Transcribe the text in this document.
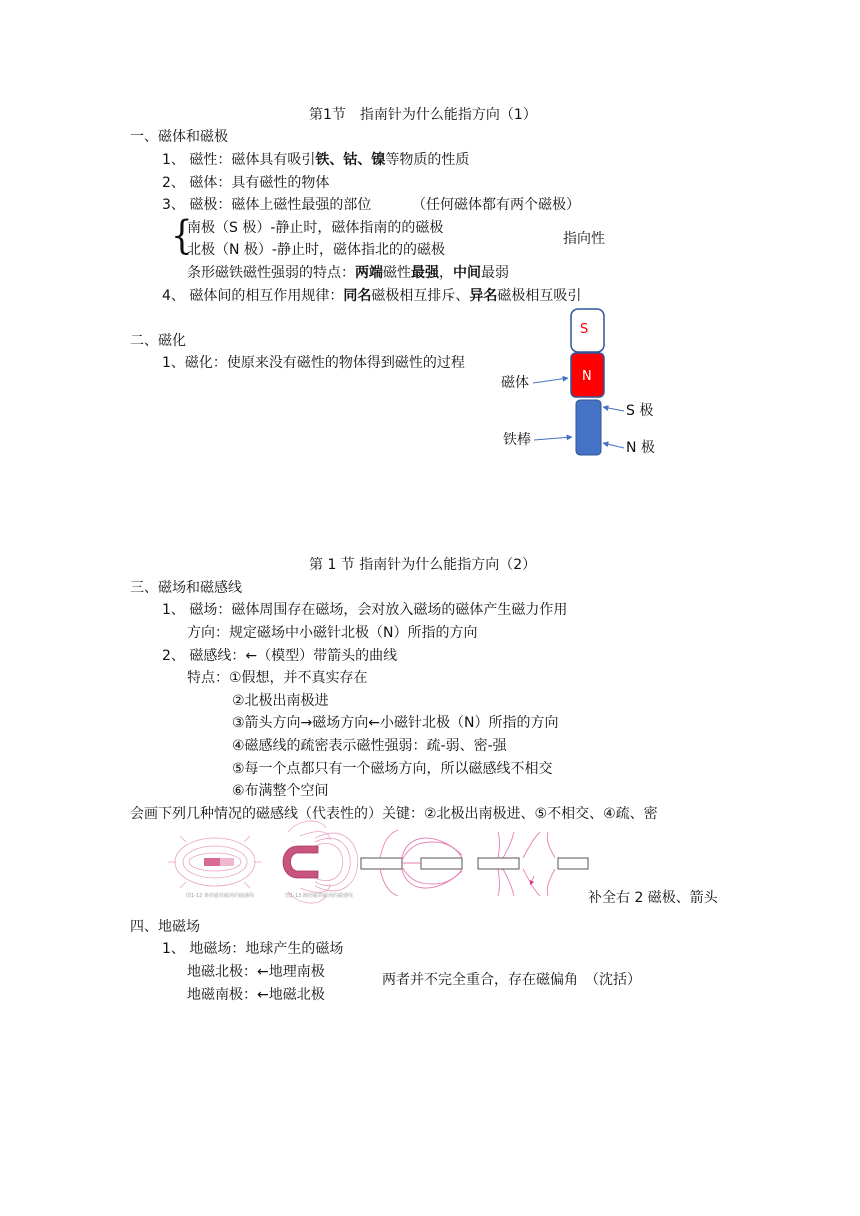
第1节　指南针为什么能指方向（1）
一、磁体和磁极
1、 磁性：磁体具有吸引铁、钴、镍等物质的性质
2、 磁体：具有磁性的物体
3、 磁极：磁体上磁性最强的部位	（任何磁体都有两个磁极）
{
南极（S 极）-静止时，磁体指南的的磁极
北极（N 极）-静止时，磁体指北的的磁极
指向性
条形磁铁磁性强弱的特点：两端磁性最强，中间最弱
4、 磁体间的相互作用规律：同名磁极相互排斥、异名磁极相互吸引
二、磁化
1、磁化：使原来没有磁性的物体得到磁性的过程
S
N
磁体
铁棒
S 极
N 极
第 1 节 指南针为什么能指方向（2）
三、磁场和磁感线
1、 磁场：磁体周围存在磁场，会对放入磁场的磁体产生磁力作用
方向：规定磁场中小磁针北极（N）所指的方向
2、 磁感线：←（模型）带箭头的曲线
特点：①假想，并不真实存在
②北极出南极进
③箭头方向→磁场方向←小磁针北极（N）所指的方向
④磁感线的疏密表示磁性强弱：疏-弱、密-强
⑤每一个点都只有一个磁场方向，所以磁感线不相交
⑥布满整个空间
会画下列几种情况的磁感线（代表性的）关键：②北极出南极进、⑤不相交、④疏、密
图1-12 条形磁铁磁场的磁感线	图1-13 蹄形磁铁磁场的磁感线	补全右 2 磁极、箭头
四、地磁场
1、 地磁场：地球产生的磁场
地磁北极：←地理南极
地磁南极：←地磁北极
两者并不完全重合，存在磁偏角　（沈括）
